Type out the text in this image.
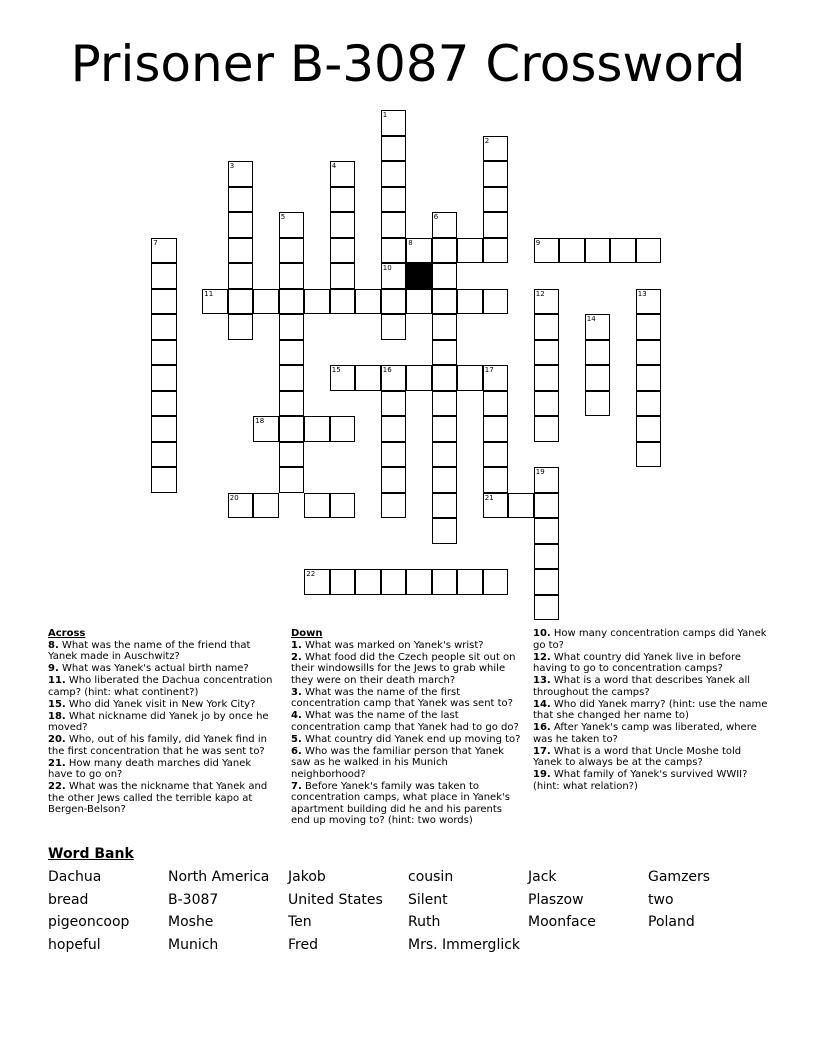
Prisoner B-3087 Crossword
1
10
2
3	4
5	6
7	8	9
11	12	13
14
15	16	17
21
18
19
20
22
Across
8. What was the name of the friend that Yanek made in Auschwitz?
9. What was Yanek's actual birth name?
11. Who liberated the Dachua concentration camp? (hint: what continent?)
15. Who did Yanek visit in New York City?
18. What nickname did Yanek jo by once he moved?
20. Who, out of his family, did Yanek find in the first concentration that he was sent to?
21. How many death marches did Yanek have to go on?
22. What was the nickname that Yanek and the other Jews called the terrible kapo at Bergen-Belson?
Down
1. What was marked on Yanek's wrist?
2. What food did the Czech people sit out on their windowsills for the Jews to grab while they were on their death march?
3. What was the name of the first concentration camp that Yanek was sent to?
4. What was the name of the last concentration camp that Yanek had to go do?
5. What country did Yanek end up moving to?
6. Who was the familiar person that Yanek saw as he walked in his Munich neighborhood?
7. Before Yanek's family was taken to concentration camps, what place in Yanek's apartment building did he and his parents end up moving to? (hint: two words)
10. How many concentration camps did Yanek go to?
12. What country did Yanek live in before having to go to concentration camps?
13. What is a word that describes Yanek all throughout the camps?
14. Who did Yanek marry? (hint: use the name that she changed her name to)
16. After Yanek's camp was liberated, where was he taken to?
17. What is a word that Uncle Moshe told Yanek to always be at the camps?
19. What family of Yanek's survived WWII? (hint: what relation?)
Word Bank
Dachua	North America	Jakob	cousin	Jack	Gamzers
bread	B-3087	United States	Silent	Plaszow	two
pigeoncoop	Moshe	Ten	Ruth	Moonface	Poland
hopeful	Munich	Fred	Mrs. Immerglick
